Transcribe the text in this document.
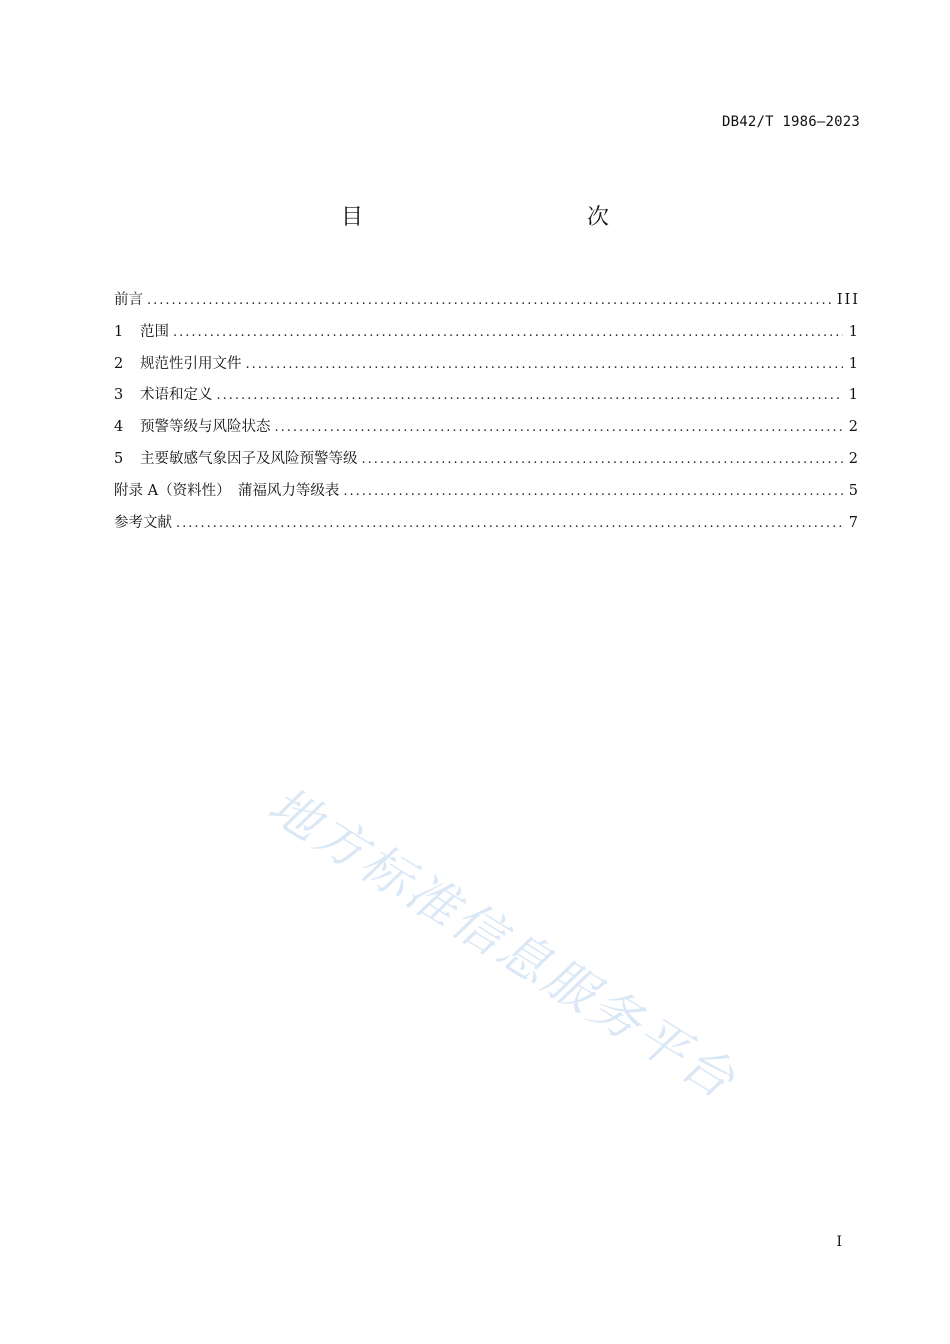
DB42/T 1986—2023
目　　次
前言 .....	III
1	范围 .....	1
2	规范性引用文件 .....	1
3	术语和定义 .....	1
4	预警等级与风险状态 .....	2
5	主要敏感气象因子及风险预警等级 .....	2
附录 A（资料性）　蒲福风力等级表 .....	5
参考文献 .....	7
地方标准信息服务平台
I
